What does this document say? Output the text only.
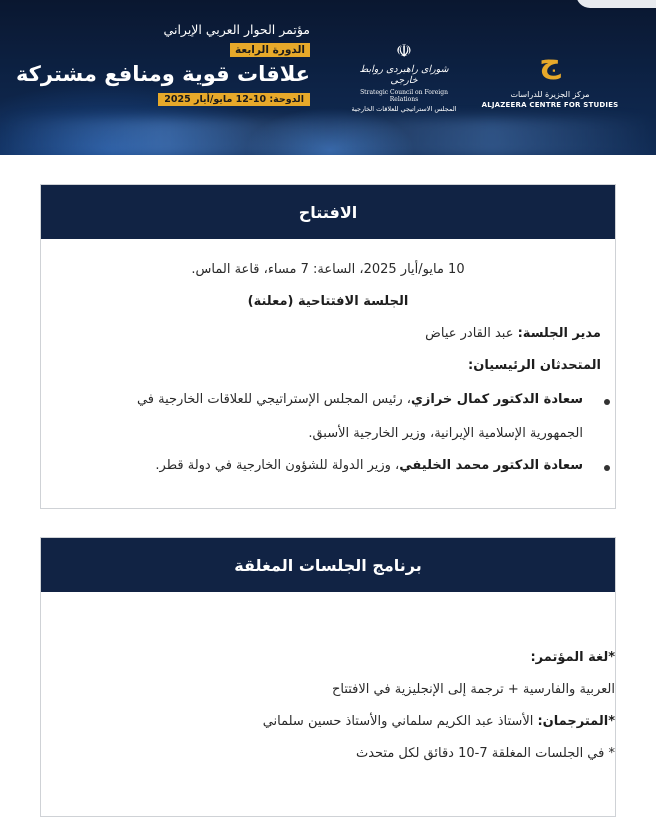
مؤتمر الحوار العربي الإيراني
الدورة الرابعة
علاقات قوية ومنافع مشتركة
الدوحة: 10-12 مايو/أيار 2025
☫
شورای راهبردی روابط خارجی
Strategic Council on Foreign Relations
المجلس الاستراتيجي للعلاقات الخارجية
ج
مركز الجزيرة للدراسات
ALJAZEERA CENTRE FOR STUDIES
الافتتاح
10 مايو/أيار 2025، الساعة: 7 مساء، قاعة الماس.
الجلسة الافتتاحية (معلنة)
مدير الجلسة: عبد القادر عياض
المتحدثان الرئيسيان:
سعادة الدكتور كمال خرازي، رئيس المجلس الإستراتيجي للعلاقات الخارجية في
الجمهورية الإسلامية الإيرانية، وزير الخارجية الأسبق.
سعادة الدكتور محمد الخليفي، وزير الدولة للشؤون الخارجية في دولة قطر.
برنامج الجلسات المغلقة
*لغة المؤتمر:
العربية والفارسية + ترجمة إلى الإنجليزية في الافتتاح
*المترجمان: الأستاذ عبد الكريم سلماني والأستاذ حسين سلماني
* في الجلسات المغلقة 7-10 دقائق لكل متحدث
